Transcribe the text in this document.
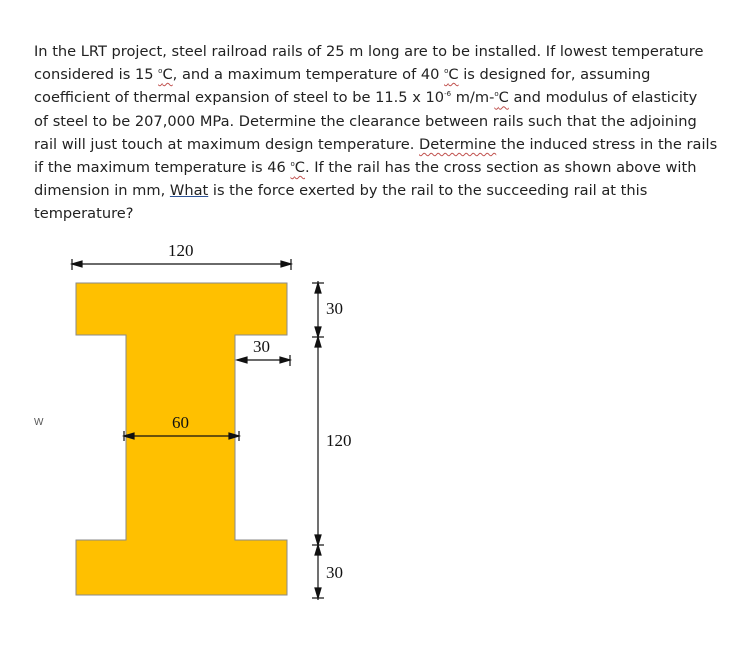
In the LRT project, steel railroad rails of 25 m long are to be installed. If lowest temperature
considered is 15 $^o$C, and a maximum temperature of 40 $^o$C is designed for, assuming
coefficient of thermal expansion of steel to be 11.5 x $10^{-6}$ m/m-$^o$C and modulus of elasticity
of steel to be 207,000 MPa. Determine the clearance between rails such that the adjoining
rail will just touch at maximum design temperature. Determine the induced stress in the rails
if the maximum temperature is 46 $^o$C. If the rail has the cross section as shown above with
dimension in mm, What is the force exerted by the rail to the succeeding rail at this
temperature?
W
120
30
60
30
120
30
